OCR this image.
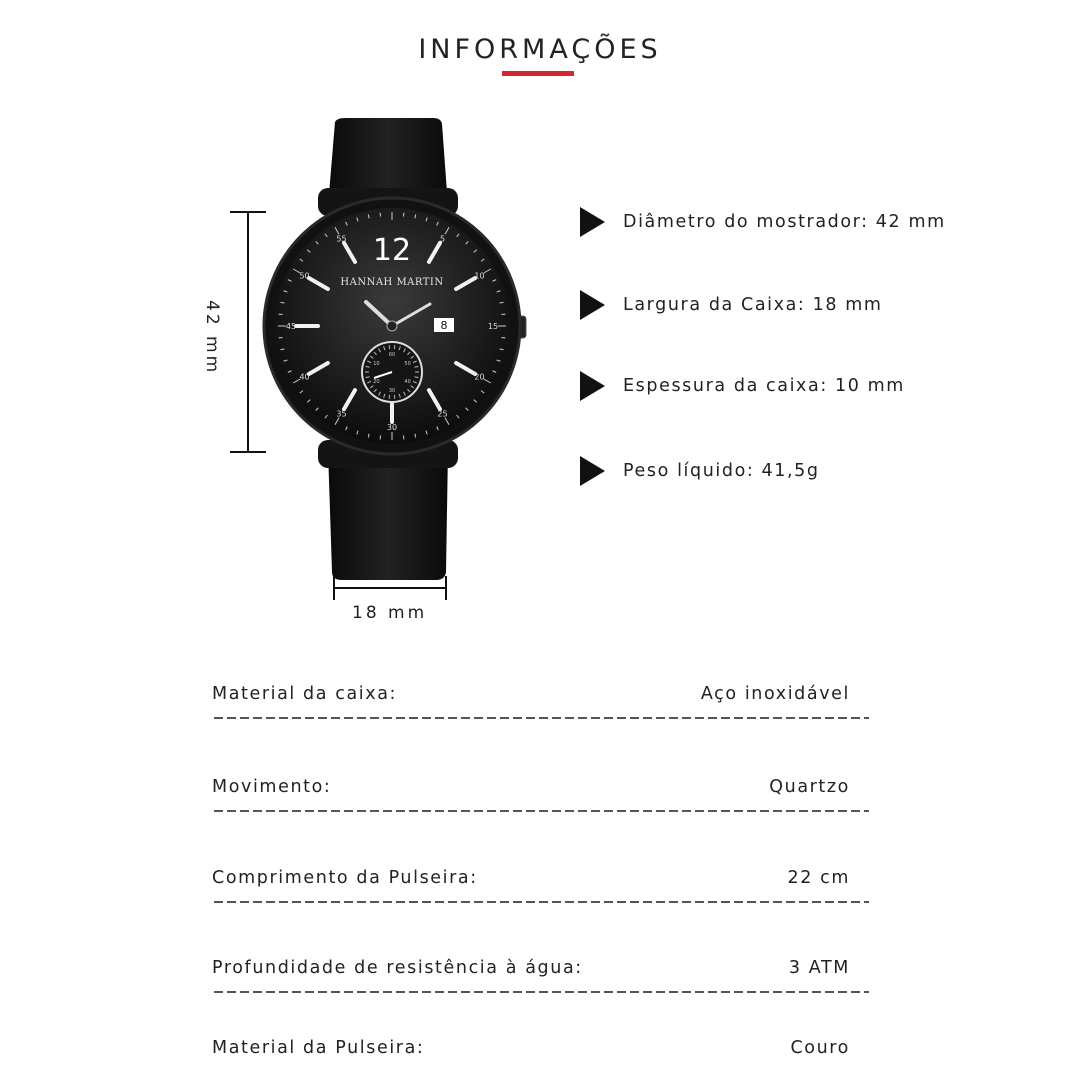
INFORMAÇÕES
5
10
15
20
25
30
35
40
45
50
55 12
HANNAH MARTIN
8
60
50
40
30
20
10
42 mm
18 mm
Diâmetro do mostrador: 42 mm
Largura da Caixa: 18 mm
Espessura da caixa: 10 mm
Peso líquido: 41,5g
Material da caixa:	Aço inoxidável
Movimento:	Quartzo
Comprimento da Pulseira:	22 cm
Profundidade de resistência à água:	3 ATM
Material da Pulseira:	Couro
